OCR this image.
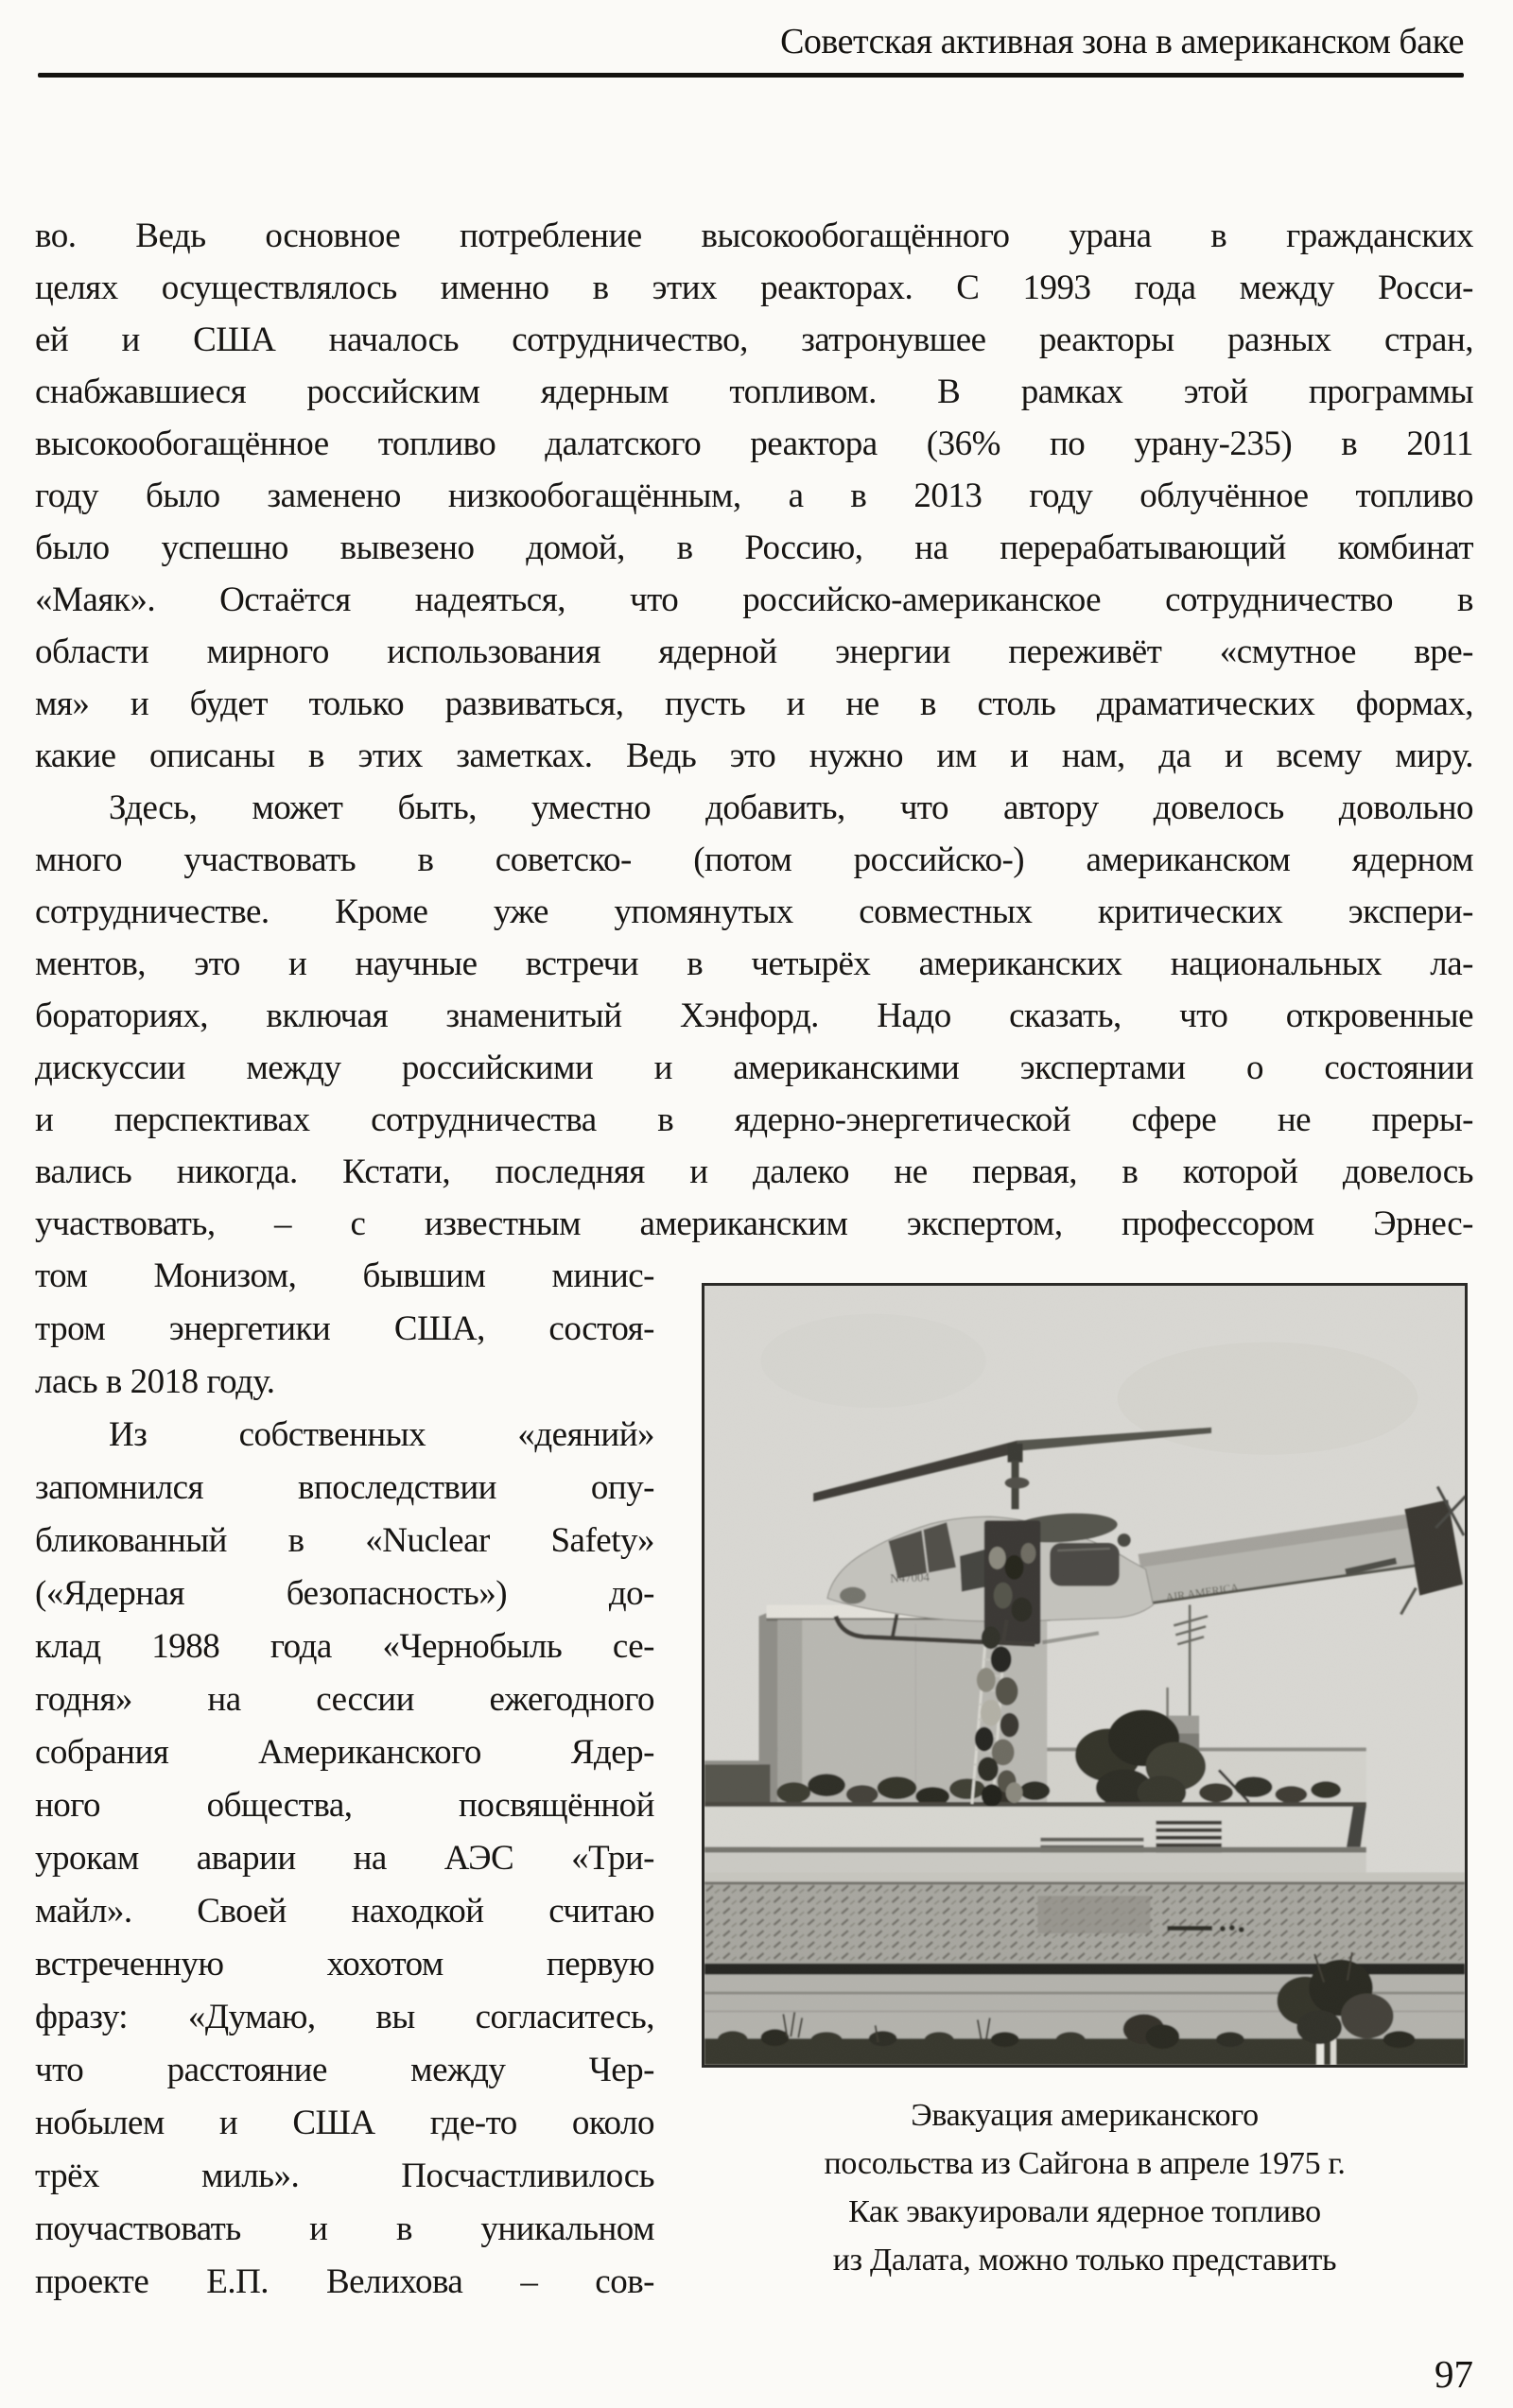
Советская активная зона в американском баке
во. Ведь основное потребление высокообогащённого урана в гражданских
целях осуществлялось именно в этих реакторах. С 1993 года между Росси-
ей и США началось сотрудничество, затронувшее реакторы разных стран,
снабжавшиеся российским ядерным топливом. В рамках этой программы
высокообогащённое топливо далатского реактора (36% по урану-235) в 2011
году было заменено низкообогащённым, а в 2013 году облучённое топливо
было успешно вывезено домой, в Россию, на перерабатывающий комбинат
«Маяк». Остаётся надеяться, что российско-американское сотрудничество в
области мирного использования ядерной энергии переживёт «смутное вре-
мя» и будет только развиваться, пусть и не в столь драматических формах,
какие описаны в этих заметках. Ведь это нужно им и нам, да и всему миру.
Здесь, может быть, уместно добавить, что автору довелось довольно
много участвовать в советско- (потом российско-) американском ядерном
сотрудничестве. Кроме уже упомянутых совместных критических экспери-
ментов, это и научные встречи в четырёх американских национальных ла-
бораториях, включая знаменитый Хэнфорд. Надо сказать, что откровенные
дискуссии между российскими и американскими экспертами о состоянии
и перспективах сотрудничества в ядерно-энергетической сфере не преры-
вались никогда. Кстати, последняя и далеко не первая, в которой довелось
участвовать, – с известным американским экспертом, профессором Эрнес-
том Монизом, бывшим минис-
тром энергетики США, состоя-
лась в 2018 году.
Из собственных «деяний»
запомнился впоследствии опу-
бликованный в «Nuclear Safety»
(«Ядерная безопасность») до-
клад 1988 года «Чернобыль се-
годня» на сессии ежегодного
собрания Американского Ядер-
ного общества, посвящённой
урокам аварии на АЭС «Три-
майл». Своей находкой считаю
встреченную хохотом первую
фразу: «Думаю, вы согласитесь,
что расстояние между Чер-
нобылем и США где-то около
трёх миль». Посчастливилось
поучаствовать и в уникальном
проекте Е.П. Велихова – сов-
N47004
AIR AMERICA
Эвакуация американского
посольства из Сайгона в апреле 1975 г.
Как эвакуировали ядерное топливо
из Далата, можно только представить
97
